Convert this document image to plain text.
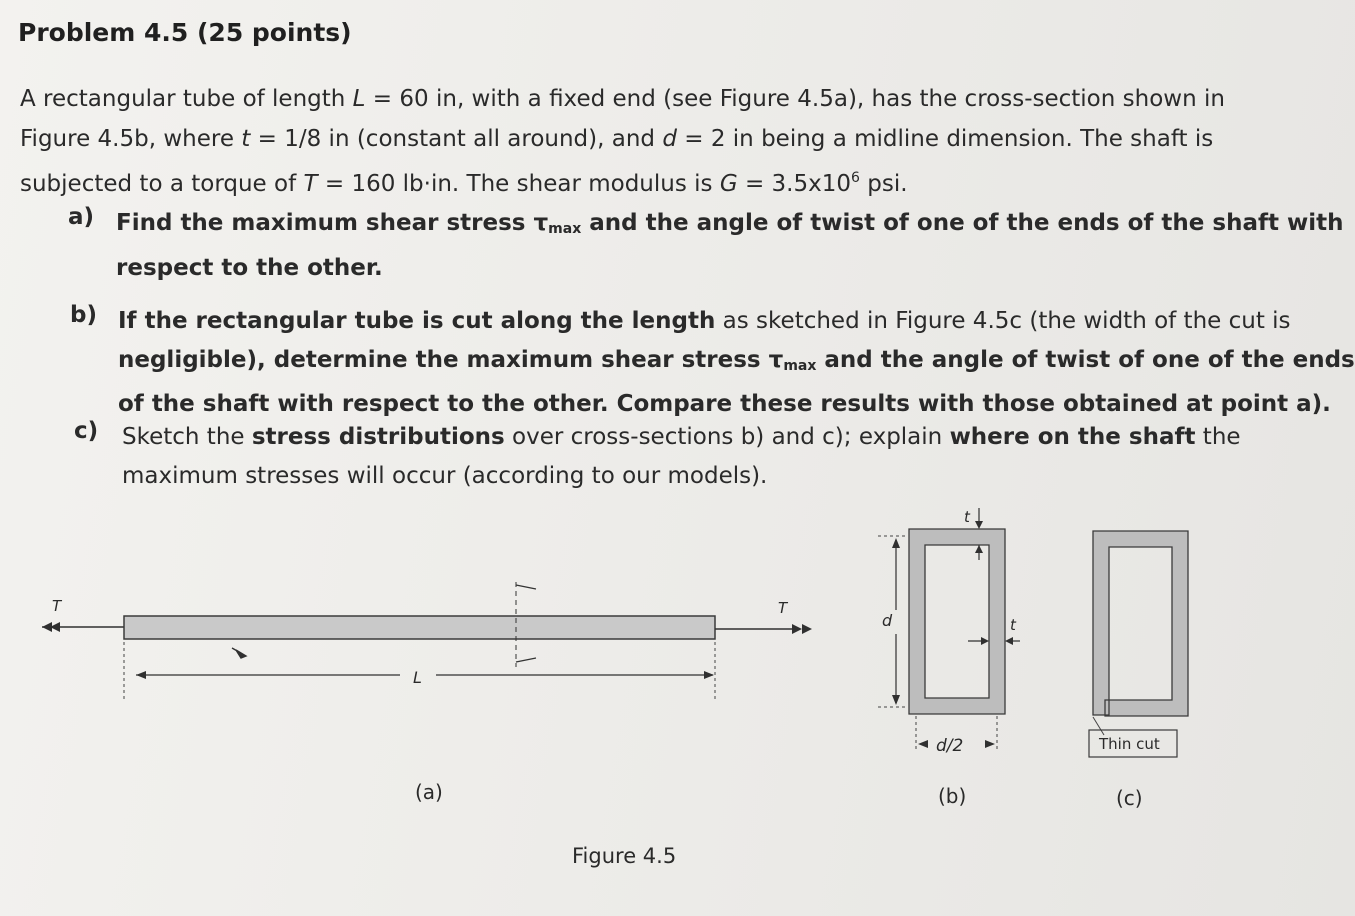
Problem 4.5 (25 points)

A rectangular tube of length L = 60 in, with a fixed end (see Figure 4.5a), has the cross-section shown in

Figure 4.5b, where t = 1/8 in (constant all around), and d = 2 in being a midline dimension. The shaft is

subjected to a torque of T = 160 lb·in. The shear modulus is $G = 3.5x10^6$ psi.

a) Find the maximum shear stress τmax and the angle of twist of one of the ends of the shaft with

respect to the other.

b) If the rectangular tube is cut along the length as sketched in Figure 4.5c (the width of the cut is

negligible), determine the maximum shear stress τmax and the angle of twist of one of the ends

of the shaft with respect to the other. Compare these results with those obtained at point a).

c)	Sketch the stress distributions over cross-sections b) and c); explain where on the shaft the

maximum stresses will occur (according to our models).

T	T
L
(a)
d
t
t
d/2
(b)
Thin cut
(c)
Figure 4.5
